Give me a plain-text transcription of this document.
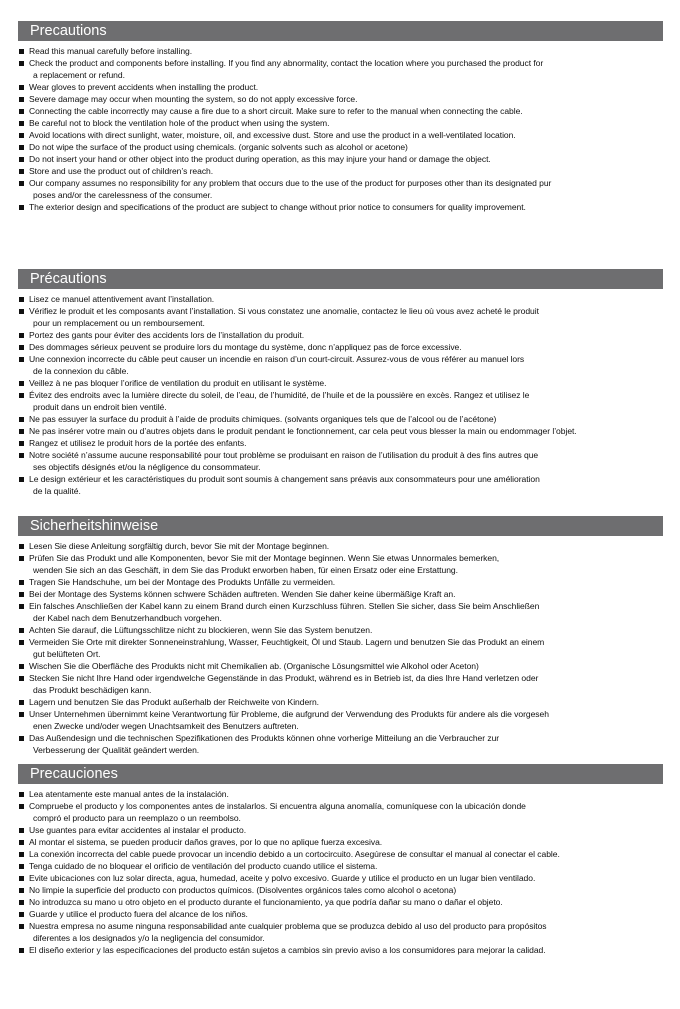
Precautions
Read this manual carefully before installing.
Check the product and components before installing. If you find any abnormality, contact the location where you purchased the product for
a replacement or refund.
Wear gloves to prevent accidents when installing the product.
Severe damage may occur when mounting the system, so do not apply excessive force.
Connecting the cable incorrectly may cause a fire due to a short circuit. Make sure to refer to the manual when connecting the cable.
Be careful not to block the ventilation hole of the product when using the system.
Avoid locations with direct sunlight, water, moisture, oil, and excessive dust. Store and use the product in a well-ventilated location.
Do not wipe the surface of the product using chemicals. (organic solvents such as alcohol or acetone)
Do not insert your hand or other object into the product during operation, as this may injure your hand or damage the object.
Store and use the product out of children’s reach.
Our company assumes no responsibility for any problem that occurs due to the use of the product for purposes other than its designated pur
poses and/or the carelessness of the consumer.
The exterior design and specifications of the product are subject to change without prior notice to consumers for quality improvement.
Précautions
Lisez ce manuel attentivement avant l’installation.
Vérifiez le produit et les composants avant l’installation. Si vous constatez une anomalie, contactez le lieu où vous avez acheté le produit
pour un remplacement ou un remboursement.
Portez des gants pour éviter des accidents lors de l’installation du produit.
Des dommages sérieux peuvent se produire lors du montage du système, donc n’appliquez pas de force excessive.
Une connexion incorrecte du câble peut causer un incendie en raison d’un court-circuit. Assurez-vous de vous référer au manuel lors
de la connexion du câble.
Veillez à ne pas bloquer l’orifice de ventilation du produit en utilisant le système.
Évitez des endroits avec la lumière directe du soleil, de l’eau, de l’humidité, de l’huile et de la poussière en excès. Rangez et utilisez le
produit dans un endroit bien ventilé.
Ne pas essuyer la surface du produit à l’aide de produits chimiques. (solvants organiques tels que de l’alcool ou de l’acétone)
Ne pas insérer votre main ou d’autres objets dans le produit pendant le fonctionnement, car cela peut vous blesser la main ou endommager l’objet.
Rangez et utilisez le produit hors de la portée des enfants.
Notre société n’assume aucune responsabilité pour tout problème se produisant en raison de l’utilisation du produit à des fins autres que
ses objectifs désignés et/ou la négligence du consommateur.
Le design extérieur et les caractéristiques du produit sont soumis à changement sans préavis aux consommateurs pour une amélioration
de la qualité.
Sicherheitshinweise
Lesen Sie diese Anleitung sorgfältig durch, bevor Sie mit der Montage beginnen.
Prüfen Sie das Produkt und alle Komponenten, bevor Sie mit der Montage beginnen. Wenn Sie etwas Unnormales bemerken,
wenden Sie sich an das Geschäft, in dem Sie das Produkt erworben haben, für einen Ersatz oder eine Erstattung.
Tragen Sie Handschuhe, um bei der Montage des Produkts Unfälle zu vermeiden.
Bei der Montage des Systems können schwere Schäden auftreten. Wenden Sie daher keine übermäßige Kraft an.
Ein falsches Anschließen der Kabel kann zu einem Brand durch einen Kurzschluss führen. Stellen Sie sicher, dass Sie beim Anschließen
der Kabel nach dem Benutzerhandbuch vorgehen.
Achten Sie darauf, die Lüftungsschlitze nicht zu blockieren, wenn Sie das System benutzen.
Vermeiden Sie Orte mit direkter Sonneneinstrahlung, Wasser, Feuchtigkeit, Öl und Staub. Lagern und benutzen Sie das Produkt an einem
gut belüfteten Ort.
Wischen Sie die Oberfläche des Produkts nicht mit Chemikalien ab. (Organische Lösungsmittel wie Alkohol oder Aceton)
Stecken Sie nicht Ihre Hand oder irgendwelche Gegenstände in das Produkt, während es in Betrieb ist, da dies Ihre Hand verletzen oder
das Produkt beschädigen kann.
Lagern und benutzen Sie das Produkt außerhalb der Reichweite von Kindern.
Unser Unternehmen übernimmt keine Verantwortung für Probleme, die aufgrund der Verwendung des Produkts für andere als die vorgeseh
enen Zwecke und/oder wegen Unachtsamkeit des Benutzers auftreten.
Das Außendesign und die technischen Spezifikationen des Produkts können ohne vorherige Mitteilung an die Verbraucher zur
Verbesserung der Qualität geändert werden.
Precauciones
Lea atentamente este manual antes de la instalación.
Compruebe el producto y los componentes antes de instalarlos. Si encuentra alguna anomalía, comuníquese con la ubicación donde
compró el producto para un reemplazo o un reembolso.
Use guantes para evitar accidentes al instalar el producto.
Al montar el sistema, se pueden producir daños graves, por lo que no aplique fuerza excesiva.
La conexión incorrecta del cable puede provocar un incendio debido a un cortocircuito. Asegúrese de consultar el manual al conectar el cable.
Tenga cuidado de no bloquear el orificio de ventilación del producto cuando utilice el sistema.
Evite ubicaciones con luz solar directa, agua, humedad, aceite y polvo excesivo. Guarde y utilice el producto en un lugar bien ventilado.
No limpie la superficie del producto con productos químicos. (Disolventes orgánicos tales como alcohol o acetona)
No introduzca su mano u otro objeto en el producto durante el funcionamiento, ya que podría dañar su mano o dañar el objeto.
Guarde y utilice el producto fuera del alcance de los niños.
Nuestra empresa no asume ninguna responsabilidad ante cualquier problema que se produzca debido al uso del producto para propósitos
diferentes a los designados y/o la negligencia del consumidor.
El diseño exterior y las especificaciones del producto están sujetos a cambios sin previo aviso a los consumidores para mejorar la calidad.
